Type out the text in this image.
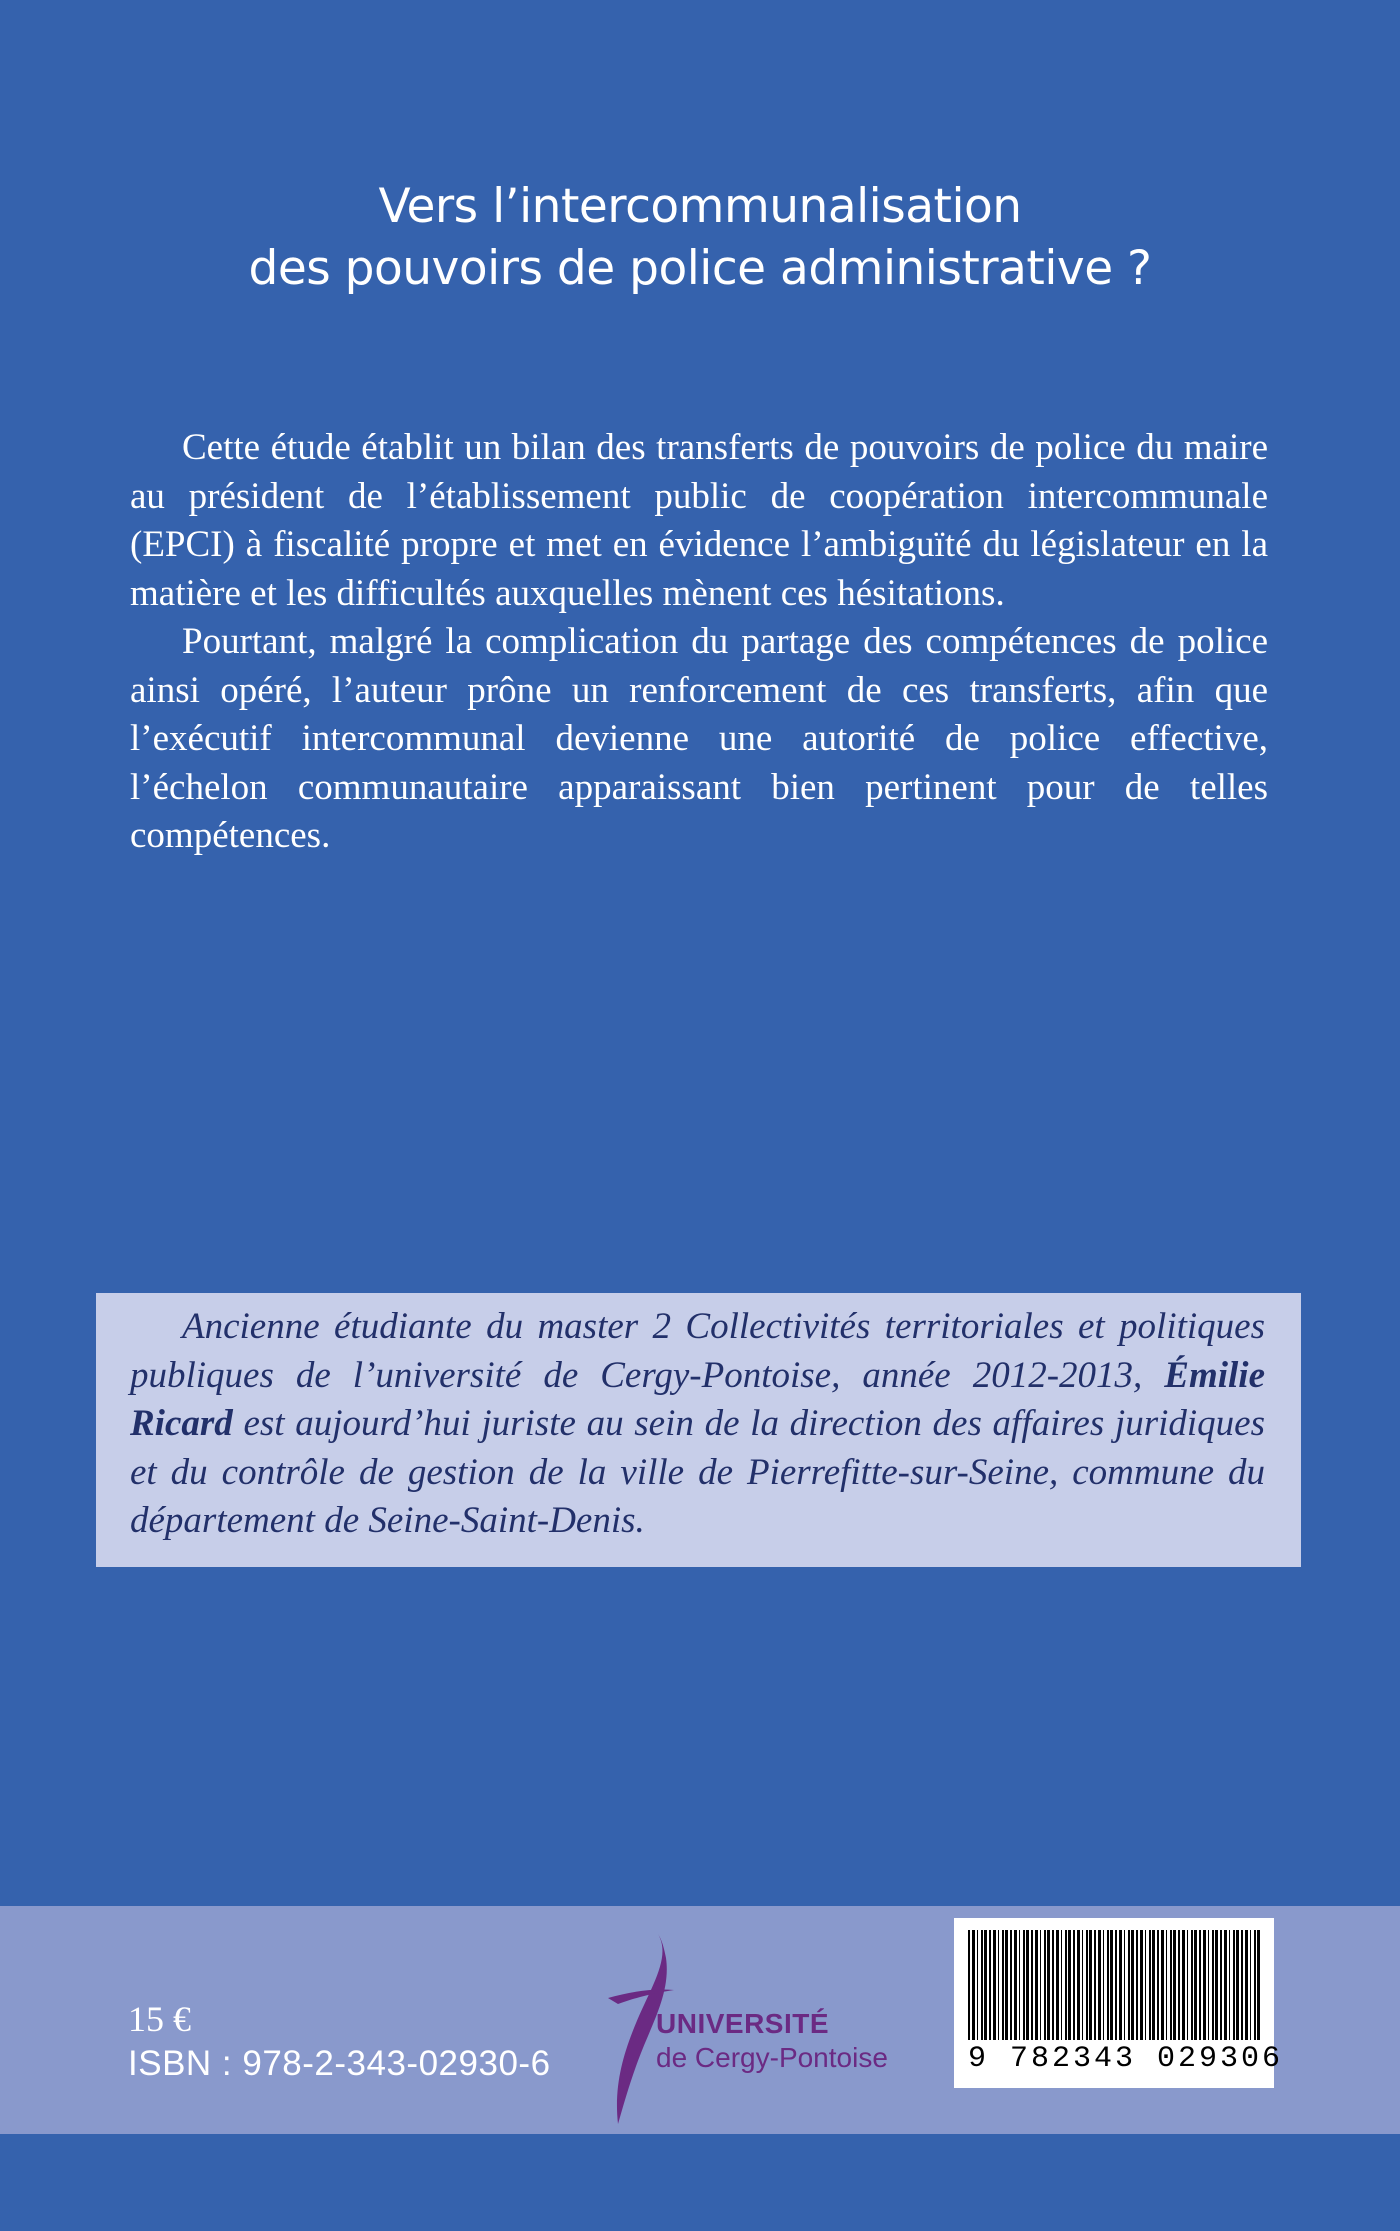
Vers l’intercommunalisation
des pouvoirs de police administrative ?

Cette étude établit un bilan des transferts de pouvoirs de police du maire au président de l’établissement public de coopération intercommunale (EPCI) à fiscalité propre et met en évidence l’ambiguïté du législateur en la matière et les difficultés auxquelles mènent ces hésitations.

Pourtant, malgré la complication du partage des compétences de police ainsi opéré, l’auteur prône un renforcement de ces transferts, afin que l’exécutif intercommunal devienne une autorité de police effective, l’échelon communautaire apparaissant bien pertinent pour de telles compétences.

Ancienne étudiante du master 2 Collectivités territoriales et politiques publiques de l’université de Cergy-Pontoise, année 2012-2013, Émilie Ricard est aujourd’hui juriste au sein de la direction des affaires juridiques et du contrôle de gestion de la ville de Pierrefitte-sur-Seine, commune du département de Seine-Saint-Denis.

15 €
ISBN : 978-2-343-02930-6
UNIVERSITÉ
de Cergy-Pontoise	9 782343 029306
